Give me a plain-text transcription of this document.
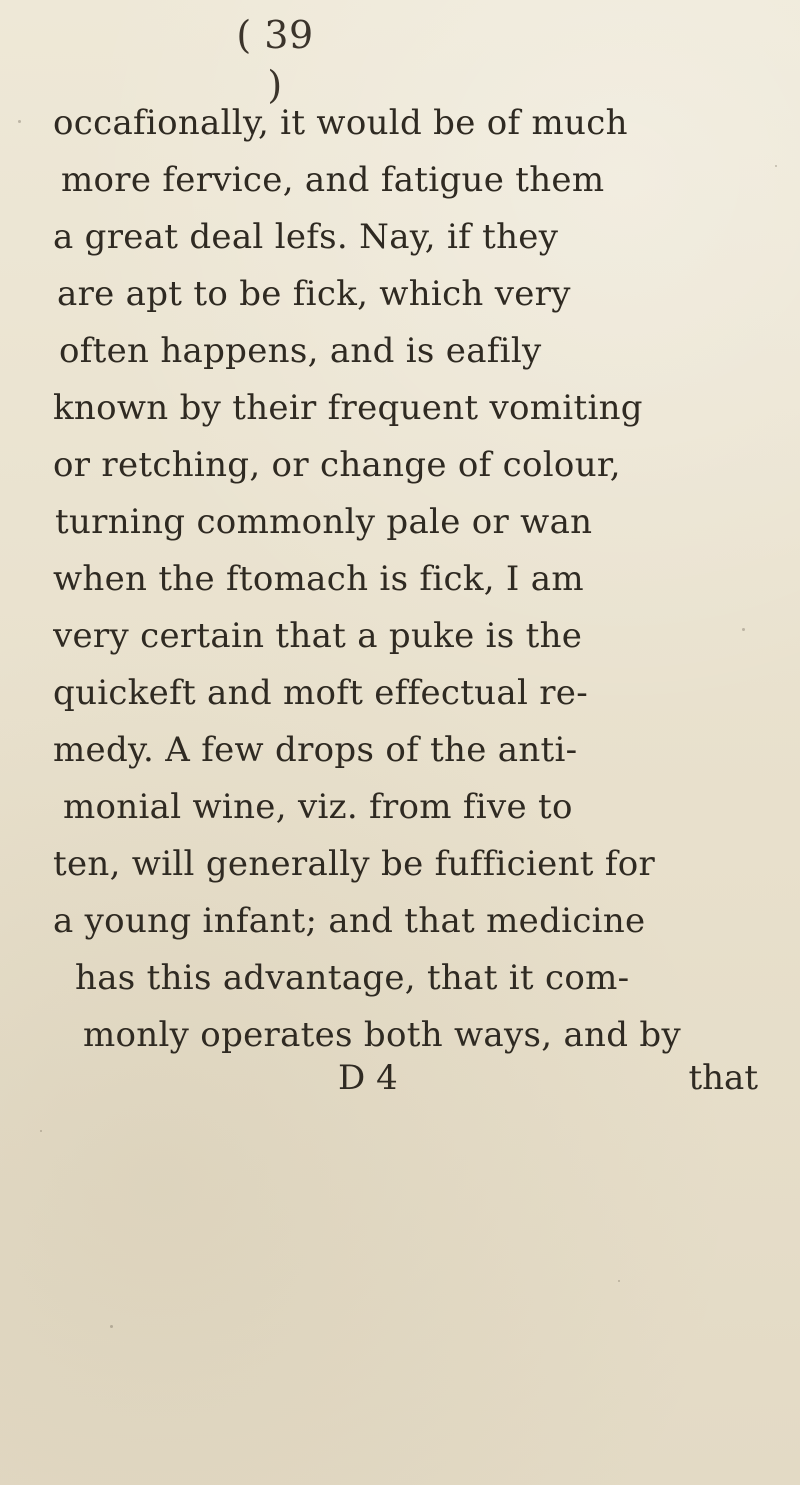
( 39 )
occafionally, it would be of much
more fervice, and fatigue them
a great deal lefs. Nay, if they
are apt to be fick, which very
often happens, and is eafily
known by their frequent vomiting
or retching, or change of colour,
turning commonly pale or wan
when the ftomach is fick, I am
very certain that a puke is the
quickeft and moft effectual re-
medy. A few drops of the anti-
monial wine, viz. from five to
ten, will generally be fufficient for
a young infant; and that medicine
has this advantage, that it com-
monly operates both ways, and by
D 4	that
